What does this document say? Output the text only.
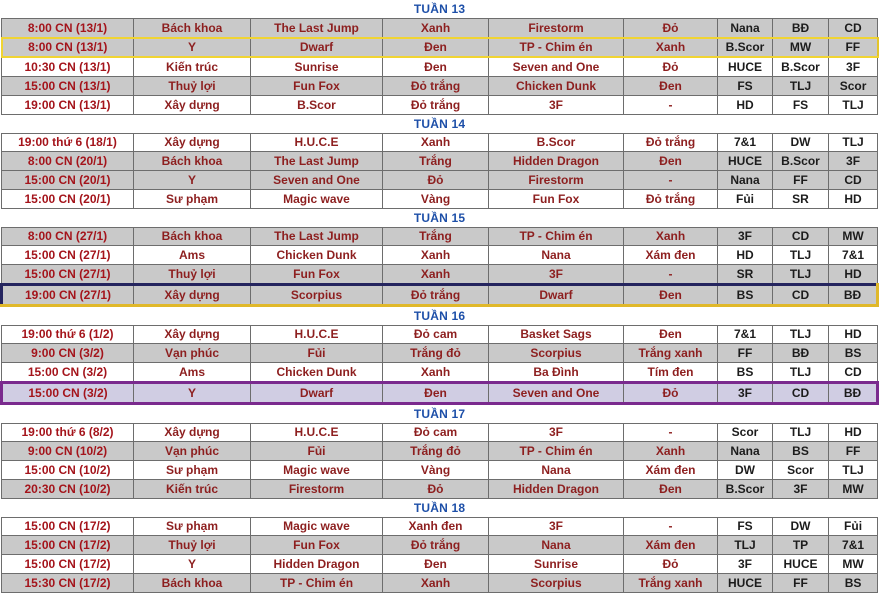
TUẦN 13								
8:00 CN (13/1)	Bách khoa	The Last Jump	Xanh	Firestorm	Đỏ	Nana	BĐ	CD
8:00 CN (13/1)	Y	Dwarf	Đen	TP - Chim én	Xanh	B.Scor	MW	FF
10:30 CN (13/1)	Kiến trúc	Sunrise	Đen	Seven and One	Đỏ	HUCE	B.Scor	3F
15:00 CN (13/1)	Thuỷ lợi	Fun Fox	Đỏ trắng	Chicken Dunk	Đen	FS	TLJ	Scor
19:00 CN (13/1)	Xây dựng	B.Scor	Đỏ trắng	3F	-	HD	FS	TLJ
TUẦN 14								
19:00 thứ 6 (18/1)	Xây dựng	H.U.C.E	Xanh	B.Scor	Đỏ trắng	7&1	DW	TLJ
8:00 CN (20/1)	Bách khoa	The Last Jump	Trắng	Hidden Dragon	Đen	HUCE	B.Scor	3F
15:00 CN (20/1)	Y	Seven and One	Đỏ	Firestorm	-	Nana	FF	CD
15:00 CN (20/1)	Sư phạm	Magic wave	Vàng	Fun Fox	Đỏ trắng	Fủi	SR	HD
TUẦN 15								
8:00 CN (27/1)	Bách khoa	The Last Jump	Trắng	TP - Chim én	Xanh	3F	CD	MW
15:00 CN (27/1)	Ams	Chicken Dunk	Xanh	Nana	Xám đen	HD	TLJ	7&1
15:00 CN (27/1)	Thuỷ lợi	Fun Fox	Xanh	3F	-	SR	TLJ	HD
19:00 CN (27/1)	Xây dựng	Scorpius	Đỏ trắng	Dwarf	Đen	BS	CD	BĐ
TUẦN 16								
19:00 thứ 6 (1/2)	Xây dựng	H.U.C.E	Đỏ cam	Basket Sags	Đen	7&1	TLJ	HD
9:00 CN (3/2)	Vạn phúc	Fủi	Trắng đỏ	Scorpius	Trắng xanh	FF	BĐ	BS
15:00 CN (3/2)	Ams	Chicken Dunk	Xanh	Ba Đình	Tím đen	BS	TLJ	CD
15:00 CN (3/2)	Y	Dwarf	Đen	Seven and One	Đỏ	3F	CD	BĐ
TUẦN 17								
19:00 thứ 6 (8/2)	Xây dựng	H.U.C.E	Đỏ cam	3F	-	Scor	TLJ	HD
9:00 CN (10/2)	Vạn phúc	Fủi	Trắng đỏ	TP - Chim én	Xanh	Nana	BS	FF
15:00 CN (10/2)	Sư phạm	Magic wave	Vàng	Nana	Xám đen	DW	Scor	TLJ
20:30 CN (10/2)	Kiến trúc	Firestorm	Đỏ	Hidden Dragon	Đen	B.Scor	3F	MW
TUẦN 18								
15:00 CN (17/2)	Sư phạm	Magic wave	Xanh đen	3F	-	FS	DW	Fủi
15:00 CN (17/2)	Thuỷ lợi	Fun Fox	Đỏ trắng	Nana	Xám đen	TLJ	TP	7&1
15:00 CN (17/2)	Y	Hidden Dragon	Đen	Sunrise	Đỏ	3F	HUCE	MW
15:30 CN (17/2)	Bách khoa	TP - Chim én	Xanh	Scorpius	Trắng xanh	HUCE	FF	BS
